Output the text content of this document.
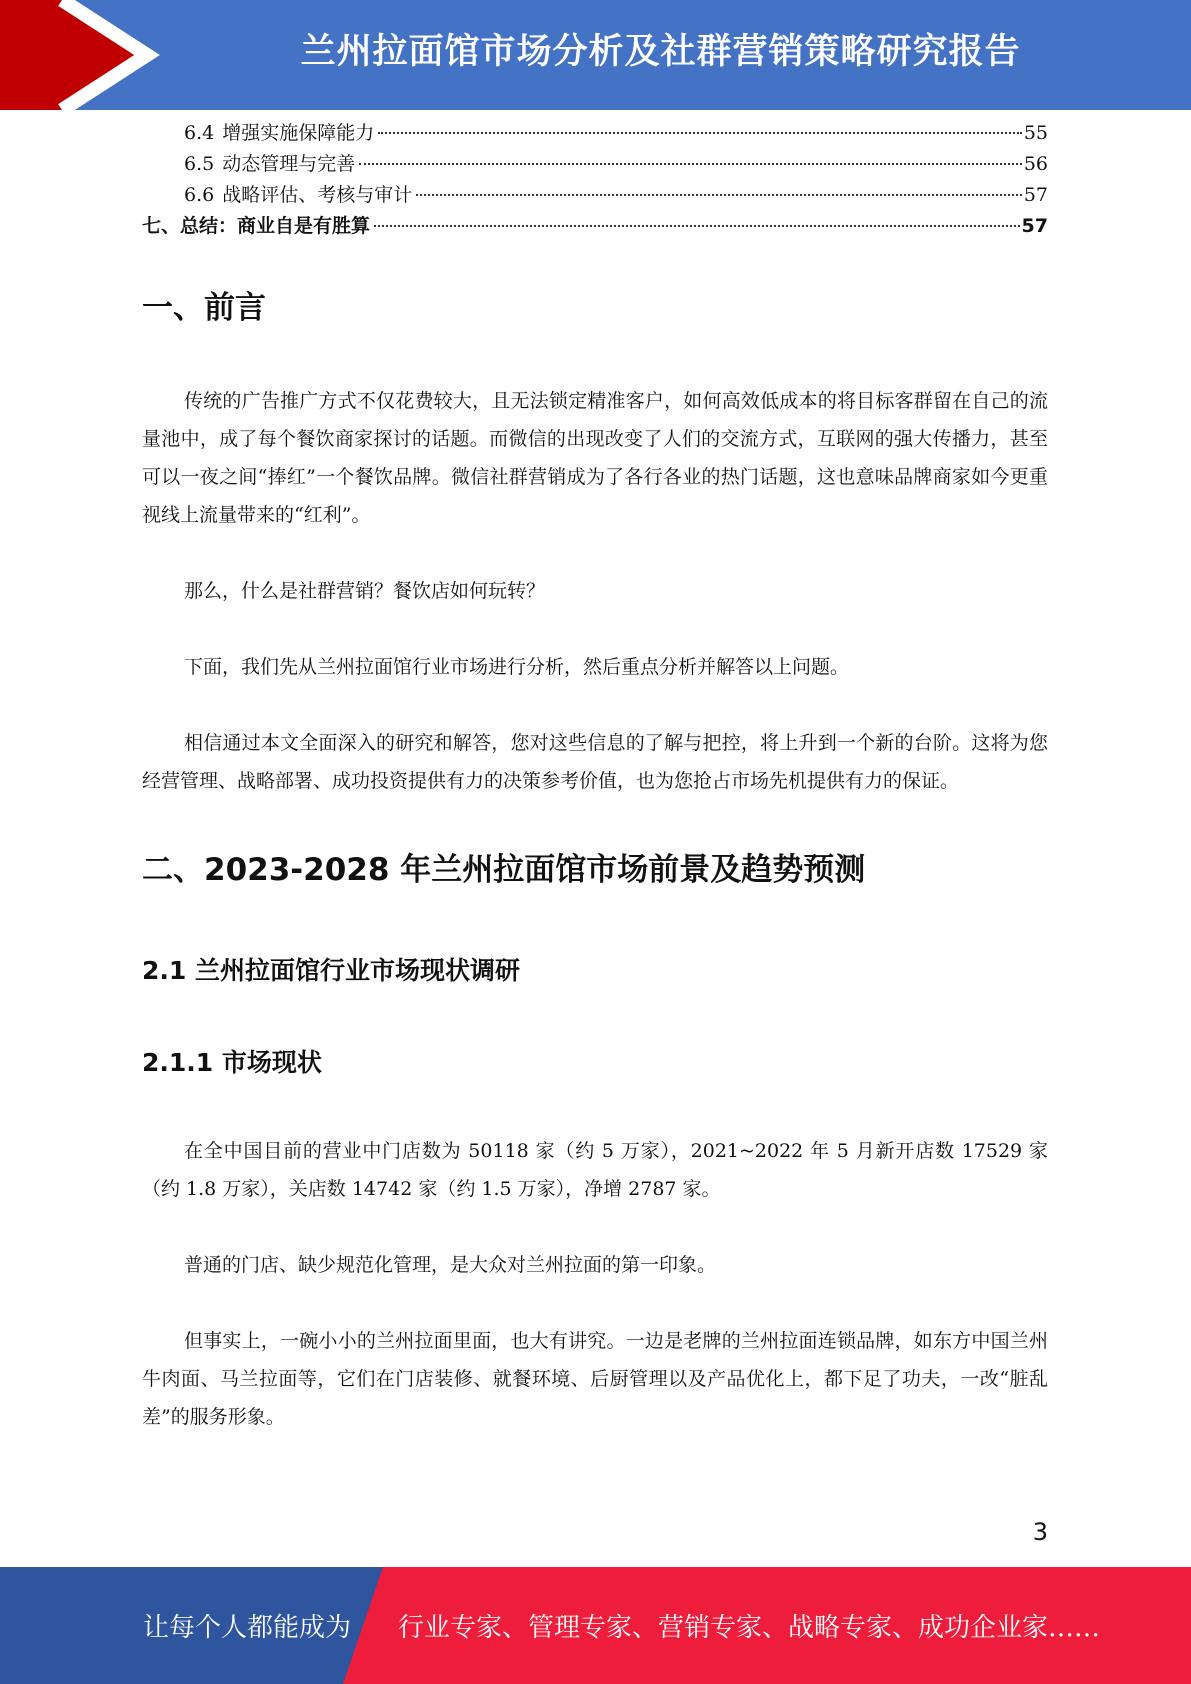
兰州拉面馆市场分析及社群营销策略研究报告
6.4 增强实施保障能力	55
6.5 动态管理与完善	56
6.6 战略评估、考核与审计	57
七、总结：商业自是有胜算	57
一、前言

传统的广告推广方式不仅花费较大，且无法锁定精准客户，如何高效低成本的将目标客群留在自己的流量池中，成了每个餐饮商家探讨的话题。而微信的出现改变了人们的交流方式，互联网的强大传播力，甚至可以一夜之间“捧红”一个餐饮品牌。微信社群营销成为了各行各业的热门话题，这也意味品牌商家如今更重视线上流量带来的“红利”。

那么，什么是社群营销？餐饮店如何玩转？

下面，我们先从兰州拉面馆行业市场进行分析，然后重点分析并解答以上问题。

相信通过本文全面深入的研究和解答，您对这些信息的了解与把控，将上升到一个新的台阶。这将为您经营管理、战略部署、成功投资提供有力的决策参考价值，也为您抢占市场先机提供有力的保证。

二、2023-2028 年兰州拉面馆市场前景及趋势预测
2.1 兰州拉面馆行业市场现状调研
2.1.1 市场现状

在全中国目前的营业中门店数为 50118 家（约 5 万家），2021~2022 年 5 月新开店数 17529 家（约 1.8 万家），关店数 14742 家（约 1.5 万家），净增 2787 家。

普通的门店、缺少规范化管理，是大众对兰州拉面的第一印象。

但事实上，一碗小小的兰州拉面里面，也大有讲究。一边是老牌的兰州拉面连锁品牌，如东方中国兰州牛肉面、马兰拉面等，它们在门店装修、就餐环境、后厨管理以及产品优化上，都下足了功夫，一改“脏乱差”的服务形象。

3
让每个人都能成为 行业专家、管理专家、营销专家、战略专家、成功企业家……
